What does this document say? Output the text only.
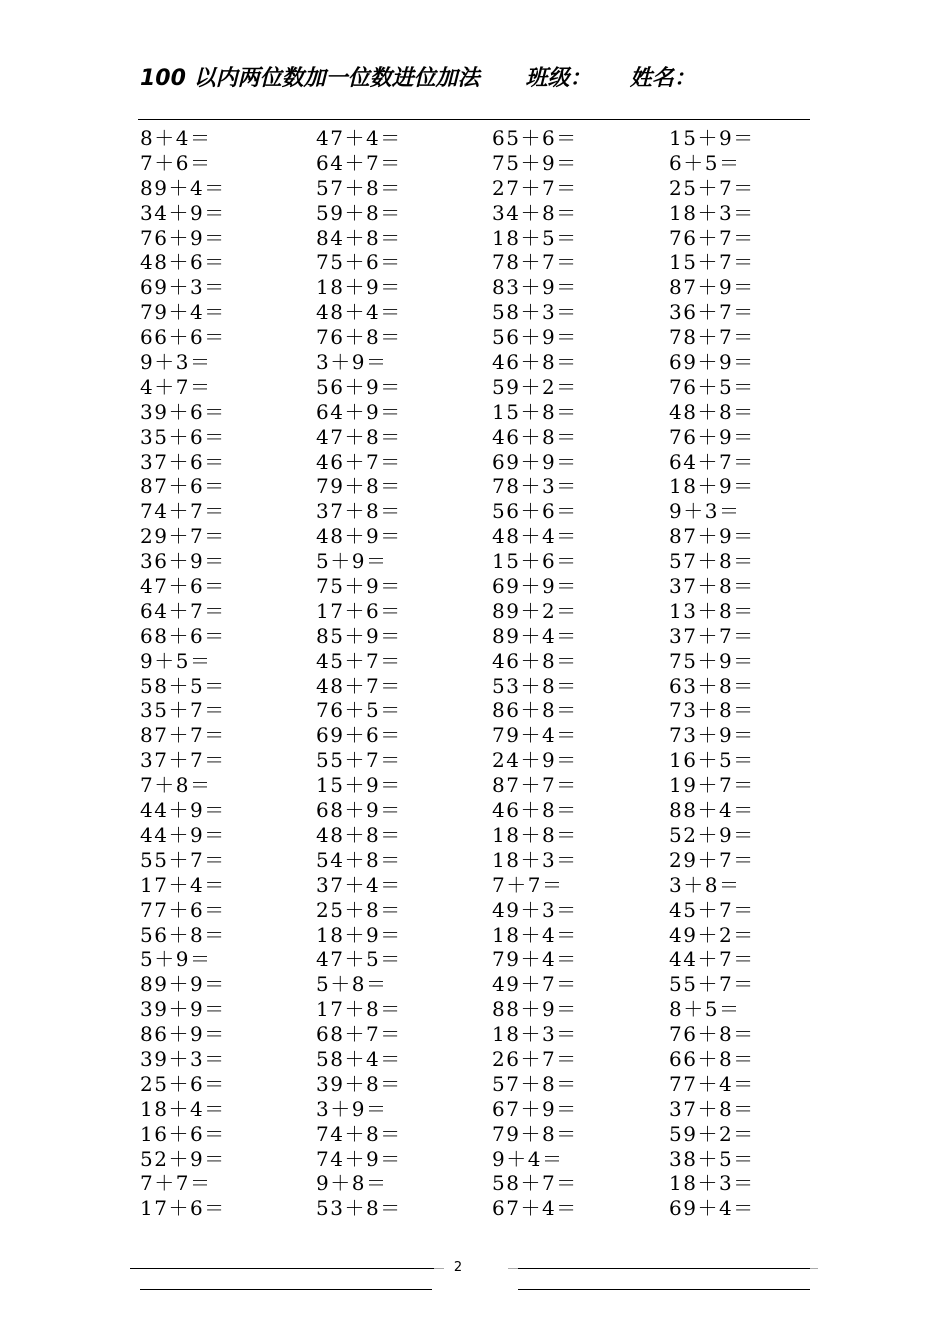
100 以内两位数加一位数进位加法      班级：     姓名：
8＋4＝	47＋4＝	65＋6＝	15＋9＝
7＋6＝	64＋7＝	75＋9＝	6＋5＝
89＋4＝	57＋8＝	27＋7＝	25＋7＝
34＋9＝	59＋8＝	34＋8＝	18＋3＝
76＋9＝	84＋8＝	18＋5＝	76＋7＝
48＋6＝	75＋6＝	78＋7＝	15＋7＝
69＋3＝	18＋9＝	83＋9＝	87＋9＝
79＋4＝	48＋4＝	58＋3＝	36＋7＝
66＋6＝	76＋8＝	56＋9＝	78＋7＝
9＋3＝	3＋9＝	46＋8＝	69＋9＝
4＋7＝	56＋9＝	59＋2＝	76＋5＝
39＋6＝	64＋9＝	15＋8＝	48＋8＝
35＋6＝	47＋8＝	46＋8＝	76＋9＝
37＋6＝	46＋7＝	69＋9＝	64＋7＝
87＋6＝	79＋8＝	78＋3＝	18＋9＝
74＋7＝	37＋8＝	56＋6＝	9＋3＝
29＋7＝	48＋9＝	48＋4＝	87＋9＝
36＋9＝	5＋9＝	15＋6＝	57＋8＝
47＋6＝	75＋9＝	69＋9＝	37＋8＝
64＋7＝	17＋6＝	89＋2＝	13＋8＝
68＋6＝	85＋9＝	89＋4＝	37＋7＝
9＋5＝	45＋7＝	46＋8＝	75＋9＝
58＋5＝	48＋7＝	53＋8＝	63＋8＝
35＋7＝	76＋5＝	86＋8＝	73＋8＝
87＋7＝	69＋6＝	79＋4＝	73＋9＝
37＋7＝	55＋7＝	24＋9＝	16＋5＝
7＋8＝	15＋9＝	87＋7＝	19＋7＝
44＋9＝	68＋9＝	46＋8＝	88＋4＝
44＋9＝	48＋8＝	18＋8＝	52＋9＝
55＋7＝	54＋8＝	18＋3＝	29＋7＝
17＋4＝	37＋4＝	7＋7＝	3＋8＝
77＋6＝	25＋8＝	49＋3＝	45＋7＝
56＋8＝	18＋9＝	18＋4＝	49＋2＝
5＋9＝	47＋5＝	79＋4＝	44＋7＝
89＋9＝	5＋8＝	49＋7＝	55＋7＝
39＋9＝	17＋8＝	88＋9＝	8＋5＝
86＋9＝	68＋7＝	18＋3＝	76＋8＝
39＋3＝	58＋4＝	26＋7＝	66＋8＝
25＋6＝	39＋8＝	57＋8＝	77＋4＝
18＋4＝	3＋9＝	67＋9＝	37＋8＝
16＋6＝	74＋8＝	79＋8＝	59＋2＝
52＋9＝	74＋9＝	9＋4＝	38＋5＝
7＋7＝	9＋8＝	58＋7＝	18＋3＝
17＋6＝	53＋8＝	67＋4＝	69＋4＝
2
